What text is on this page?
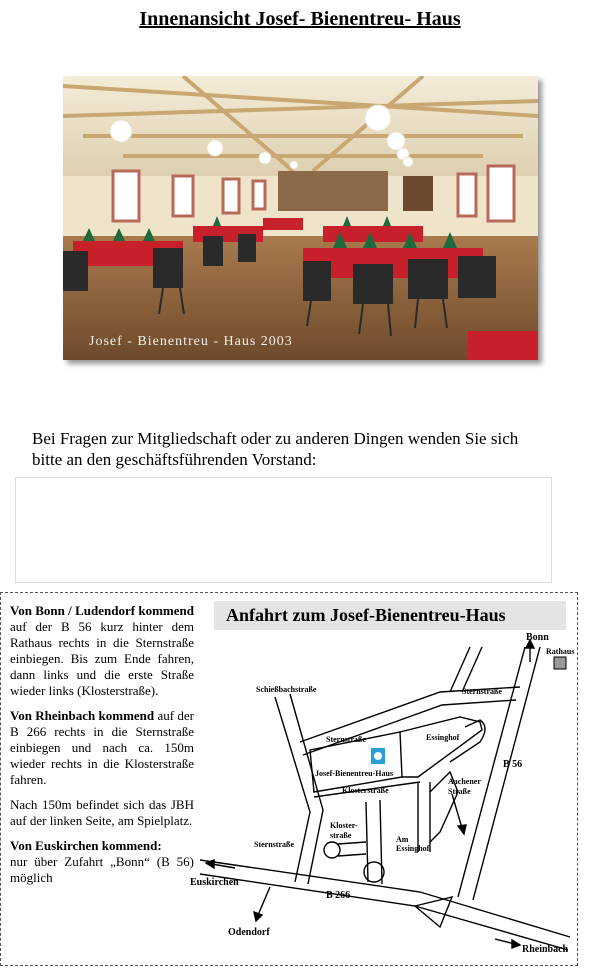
Innenansicht Josef- Bienentreu- Haus
Josef - Bienentreu - Haus 2003
Bei Fragen zur Mitgliedschaft oder zu anderen Dingen wenden Sie sich bitte an den geschäftsführenden Vorstand:

Von Bonn / Ludendorf kommend auf der B 56 kurz hinter dem Rathaus rechts in die Sternstraße einbiegen. Bis zum Ende fahren, dann links und die erste Straße wieder links (Klosterstraße).

Von Rheinbach kommend auf der B 266 rechts in die Sternstraße einbiegen und nach ca. 150m wieder rechts in die Klosterstraße fahren.

Nach 150m befindet sich das JBH auf der linken Seite, am Spielplatz.

Von Euskirchen kommend:
nur über Zufahrt „Bonn“ (B 56) möglich

Anfahrt zum Josef-Bienentreu-Haus
Bonn
Rathaus
Schießbachstraße	Sternstraße
Sternstraße	Essinghof
B 56
Josef-Bienentreu-Haus
Klosterstraße
Aachener
Straße
Kloster-
straße	Am
Essinghof
Sternstraße
Euskirchen
B 266
Odendorf
Rheinbach
